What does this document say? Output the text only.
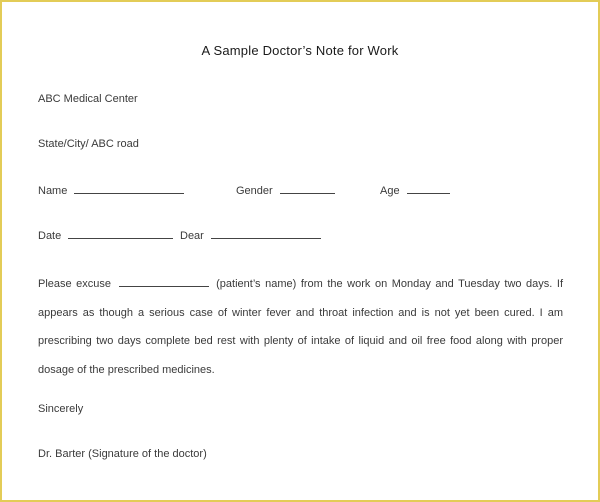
A Sample Doctor’s Note for Work
ABC Medical Center
State/City/ ABC road
Name	Gender	Age
Date	Dear
Please excuse	(patient’s name) from the work on Monday and Tuesday two days. If appears as though a serious case of winter fever and throat infection and is not yet been cured. I am prescribing two days complete bed rest with plenty of intake of liquid and oil free food along with proper dosage of the prescribed medicines.
Sincerely
Dr. Barter (Signature of the doctor)
